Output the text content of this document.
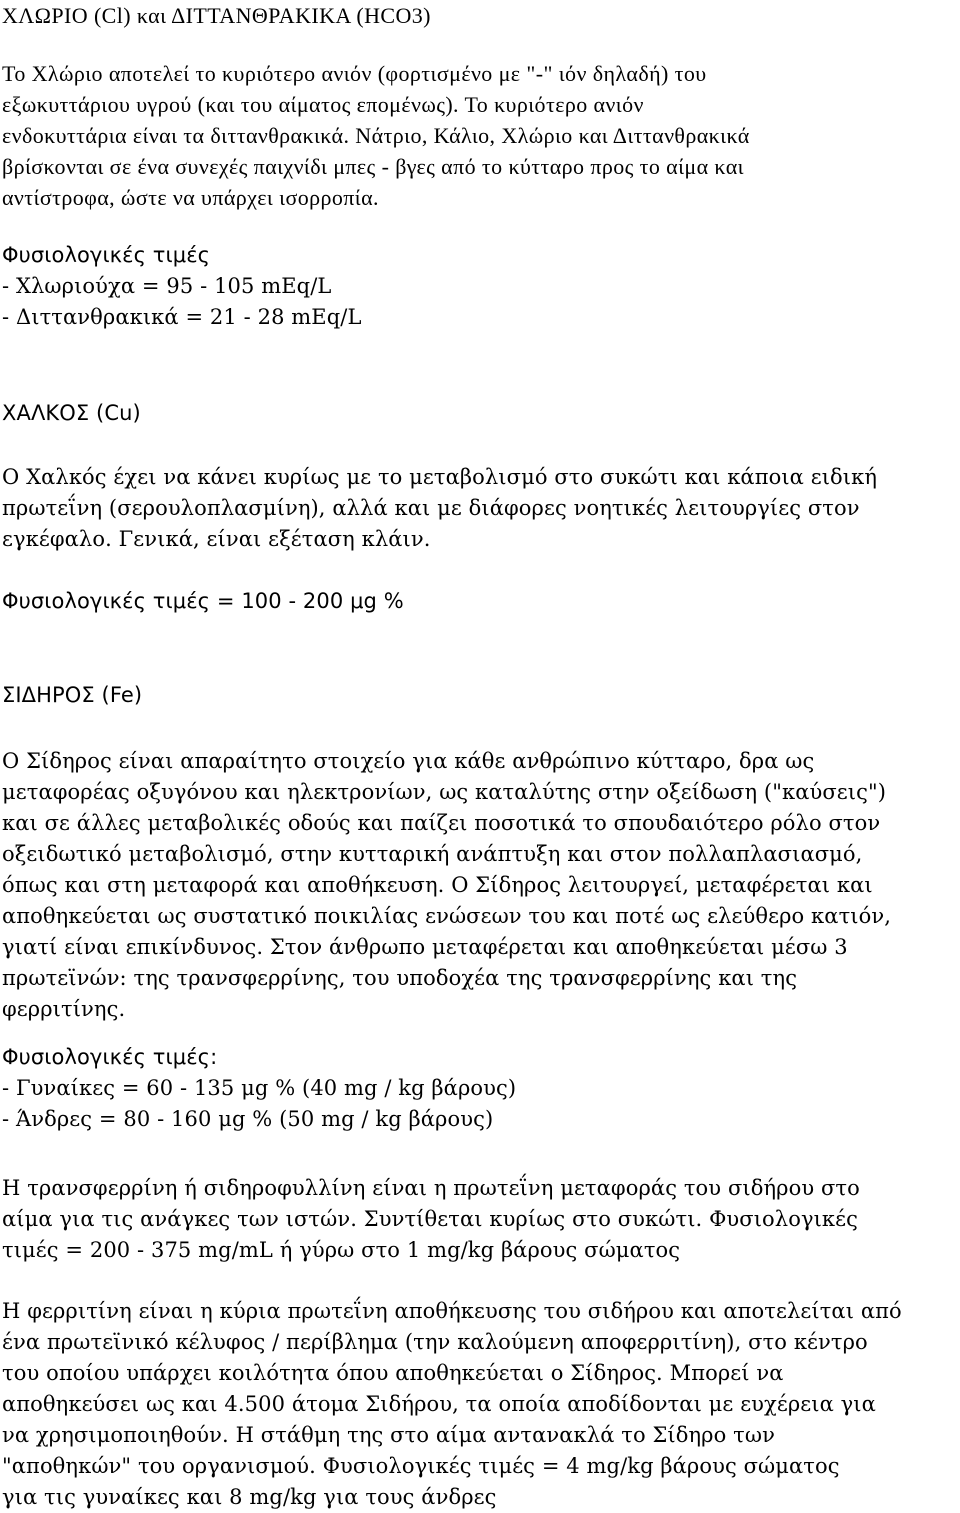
ΧΛΩΡΙΟ (Cl) και ΔΙΤΤΑΝΘΡΑΚΙΚΑ (HCO3)
Το Χλώριο αποτελεί το κυριότερο ανιόν (φορτισμένο με "-" ιόν δηλαδή) του
εξωκυττάριου υγρού (και του αίματος επομένως). Το κυριότερο ανιόν
ενδοκυττάρια είναι τα διττανθρακικά. Νάτριο, Κάλιο, Χλώριο και Διττανθρακικά
βρίσκονται σε ένα συνεχές παιχνίδι μπες - βγες από το κύτταρο προς το αίμα και
αντίστροφα, ώστε να υπάρχει ισορροπία.
Φυσιολογικές τιμές
- Χλωριούχα = 95 - 105 mEq/L
- Διττανθρακικά = 21 - 28 mEq/L
ΧΑΛΚΟΣ (Cu)
Ο Χαλκός έχει να κάνει κυρίως με το μεταβολισμό στο συκώτι και κάποια ειδική
πρωτεΐνη (σερουλοπλασμίνη), αλλά και με διάφορες νοητικές λειτουργίες στον
εγκέφαλο. Γενικά, είναι εξέταση κλάιν.
Φυσιολογικές τιμές = 100 - 200 μg %
ΣΙΔΗΡΟΣ (Fe)
Ο Σίδηρος είναι απαραίτητο στοιχείο για κάθε ανθρώπινο κύτταρο, δρα ως
μεταφορέας οξυγόνου και ηλεκτρονίων, ως καταλύτης στην οξείδωση ("καύσεις")
και σε άλλες μεταβολικές οδούς και παίζει ποσοτικά το σπουδαιότερο ρόλο στον
οξειδωτικό μεταβολισμό, στην κυτταρική ανάπτυξη και στον πολλαπλασιασμό,
όπως και στη μεταφορά και αποθήκευση. Ο Σίδηρος λειτουργεί, μεταφέρεται και
αποθηκεύεται ως συστατικό ποικιλίας ενώσεων του και ποτέ ως ελεύθερο κατιόν,
γιατί είναι επικίνδυνος. Στον άνθρωπο μεταφέρεται και αποθηκεύεται μέσω 3
πρωτεϊνών: της τρανσφερρίνης, του υποδοχέα της τρανσφερρίνης και της
φερριτίνης.
Φυσιολογικές τιμές:
- Γυναίκες = 60 - 135 μg % (40 mg / kg βάρους)
- Άνδρες = 80 - 160 μg % (50 mg / kg βάρους)
Η τρανσφερρίνη ή σιδηροφυλλίνη είναι η πρωτεΐνη μεταφοράς του σιδήρου στο
αίμα για τις ανάγκες των ιστών. Συντίθεται κυρίως στο συκώτι. Φυσιολογικές
τιμές = 200 - 375 mg/mL ή γύρω στο 1 mg/kg βάρους σώματος
Η φερριτίνη είναι η κύρια πρωτεΐνη αποθήκευσης του σιδήρου και αποτελείται από
ένα πρωτεϊνικό κέλυφος / περίβλημα (την καλούμενη αποφερριτίνη), στο κέντρο
του οποίου υπάρχει κοιλότητα όπου αποθηκεύεται ο Σίδηρος. Μπορεί να
αποθηκεύσει ως και 4.500 άτομα Σιδήρου, τα οποία αποδίδονται με ευχέρεια για
να χρησιμοποιηθούν. Η στάθμη της στο αίμα αντανακλά το Σίδηρο των
"αποθηκών" του οργανισμού. Φυσιολογικές τιμές = 4 mg/kg βάρους σώματος
για τις γυναίκες και 8 mg/kg για τους άνδρες
